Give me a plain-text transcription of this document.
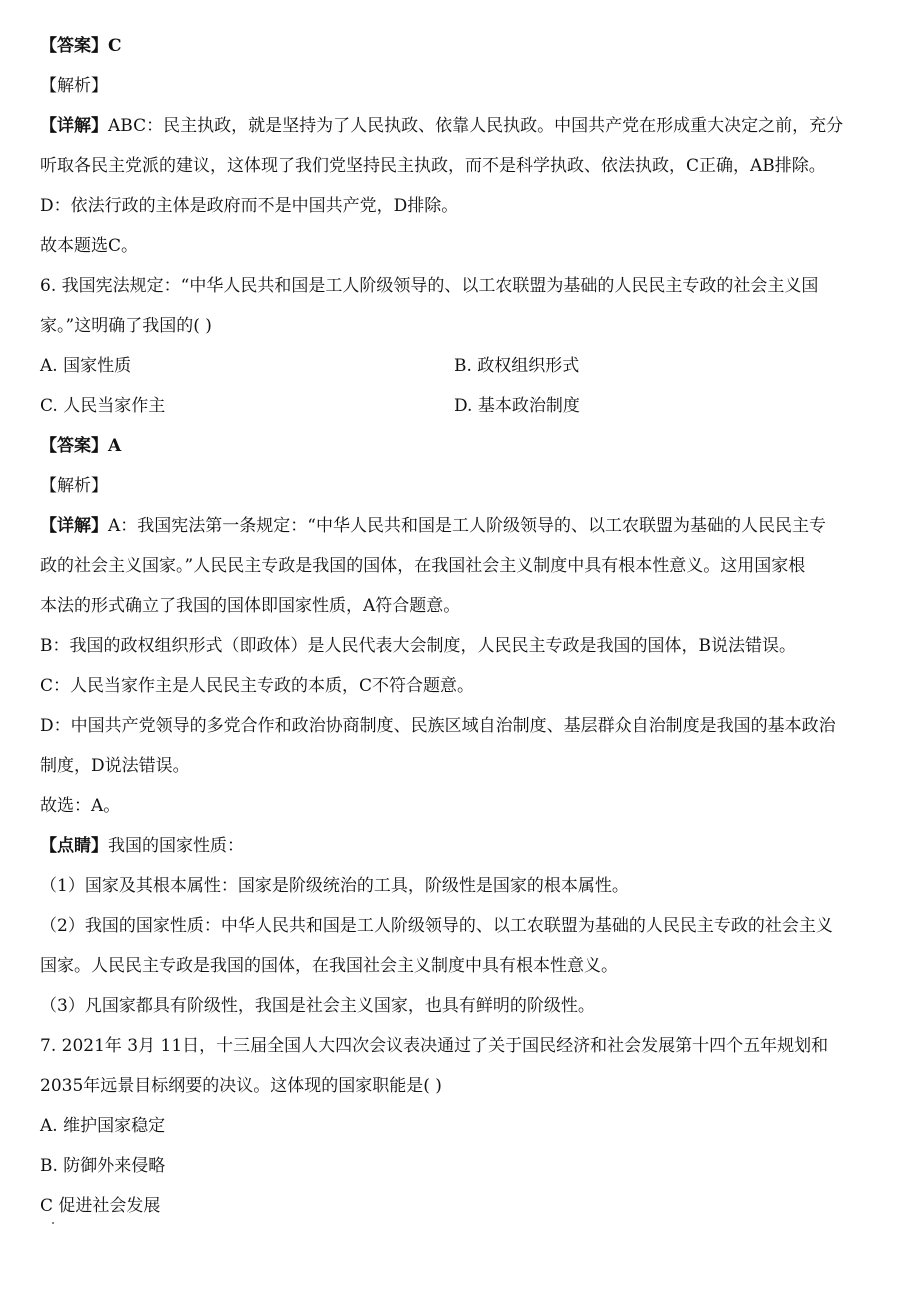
【答案】C
【解析】
【详解】ABC：民主执政，就是坚持为了人民执政、依靠人民执政。中国共产党在形成重大决定之前，充分
听取各民主党派的建议，这体现了我们党坚持民主执政，而不是科学执政、依法执政，C正确，AB排除。
D：依法行政的主体是政府而不是中国共产党，D排除。
故本题选C。
6. 我国宪法规定：“中华人民共和国是工人阶级领导的、以工农联盟为基础的人民民主专政的社会主义国
家。”这明确了我国的( )
A. 国家性质	B. 政权组织形式
C. 人民当家作主	D. 基本政治制度
【答案】A
【解析】
【详解】A：我国宪法第一条规定：“中华人民共和国是工人阶级领导的、以工农联盟为基础的人民民主专
政的社会主义国家。”人民民主专政是我国的国体，在我国社会主义制度中具有根本性意义。这用国家根
本法的形式确立了我国的国体即国家性质，A符合题意。
B：我国的政权组织形式（即政体）是人民代表大会制度，人民民主专政是我国的国体，B说法错误。
C：人民当家作主是人民民主专政的本质，C不符合题意。
D：中国共产党领导的多党合作和政治协商制度、民族区域自治制度、基层群众自治制度是我国的基本政治
制度，D说法错误。
故选：A。
【点睛】我国的国家性质：
（1）国家及其根本属性：国家是阶级统治的工具，阶级性是国家的根本属性。
（2）我国的国家性质：中华人民共和国是工人阶级领导的、以工农联盟为基础的人民民主专政的社会主义
国家。人民民主专政是我国的国体，在我国社会主义制度中具有根本性意义。
（3）凡国家都具有阶级性，我国是社会主义国家，也具有鲜明的阶级性。
7. 2021年 3月 11日，十三届全国人大四次会议表决通过了关于国民经济和社会发展第十四个五年规划和
2035年远景目标纲要的决议。这体现的国家职能是( )
A. 维护国家稳定
B. 防御外来侵略
C 促进社会发展
